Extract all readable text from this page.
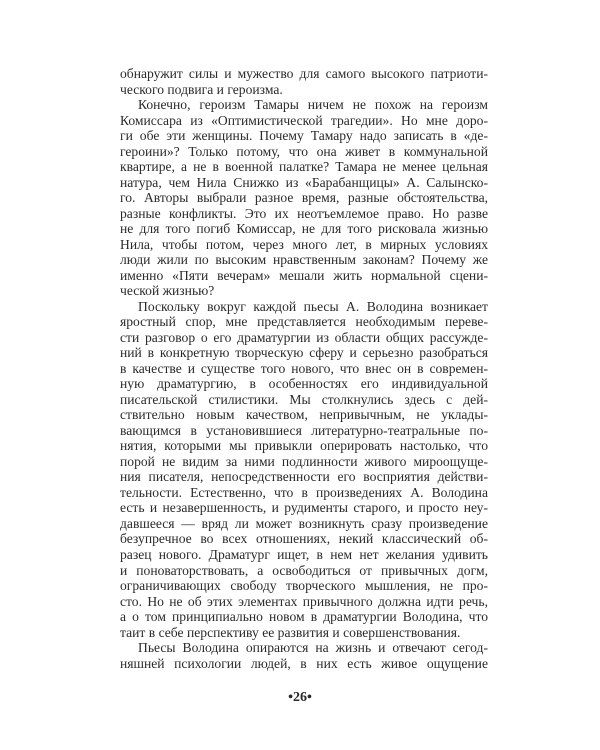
обнаружит силы и мужество для самого высокого патриоти-
ческого подвига и героизма.
Конечно, героизм Тамары ничем не похож на героизм
Комиссара из «Оптимистической трагедии». Но мне доро-
ги обе эти женщины. Почему Тамару надо записать в «де-
героини»? Только потому, что она живет в коммунальной
квартире, а не в военной палатке? Тамара не менее цельная
натура, чем Нила Снижко из «Барабанщицы» А. Салынско-
го. Авторы выбрали разное время, разные обстоятельства,
разные конфликты. Это их неотъемлемое право. Но разве
не для того погиб Комиссар, не для того рисковала жизнью
Нила, чтобы потом, через много лет, в мирных условиях
люди жили по высоким нравственным законам? Почему же
именно «Пяти вечерам» мешали жить нормальной сцени-
ческой жизнью?
Поскольку вокруг каждой пьесы А. Володина возникает
яростный спор, мне представляется необходимым переве-
сти разговор о его драматургии из области общих рассужде-
ний в конкретную творческую сферу и серьезно разобраться
в качестве и существе того нового, что внес он в современ-
ную драматургию, в особенностях его индивидуальной
писательской стилистики. Мы столкнулись здесь с дей-
ствительно новым качеством, непривычным, не уклады-
вающимся в установившиеся литературно-театральные по-
нятия, которыми мы привыкли оперировать настолько, что
порой не видим за ними подлинности живого мироощуще-
ния писателя, непосредственности его восприятия действи-
тельности. Естественно, что в произведениях А. Володина
есть и незавершенность, и рудименты старого, и просто неу-
давшееся — вряд ли может возникнуть сразу произведение
безупречное во всех отношениях, некий классический об-
разец нового. Драматург ищет, в нем нет желания удивить
и поноваторствовать, а освободиться от привычных догм,
ограничивающих свободу творческого мышления, не про-
сто. Но не об этих элементах привычного должна идти речь,
а о том принципиально новом в драматургии Володина, что
таит в себе перспективу ее развития и совершенствования.
Пьесы Володина опираются на жизнь и отвечают сегод-
няшней психологии людей, в них есть живое ощущение
•26•
